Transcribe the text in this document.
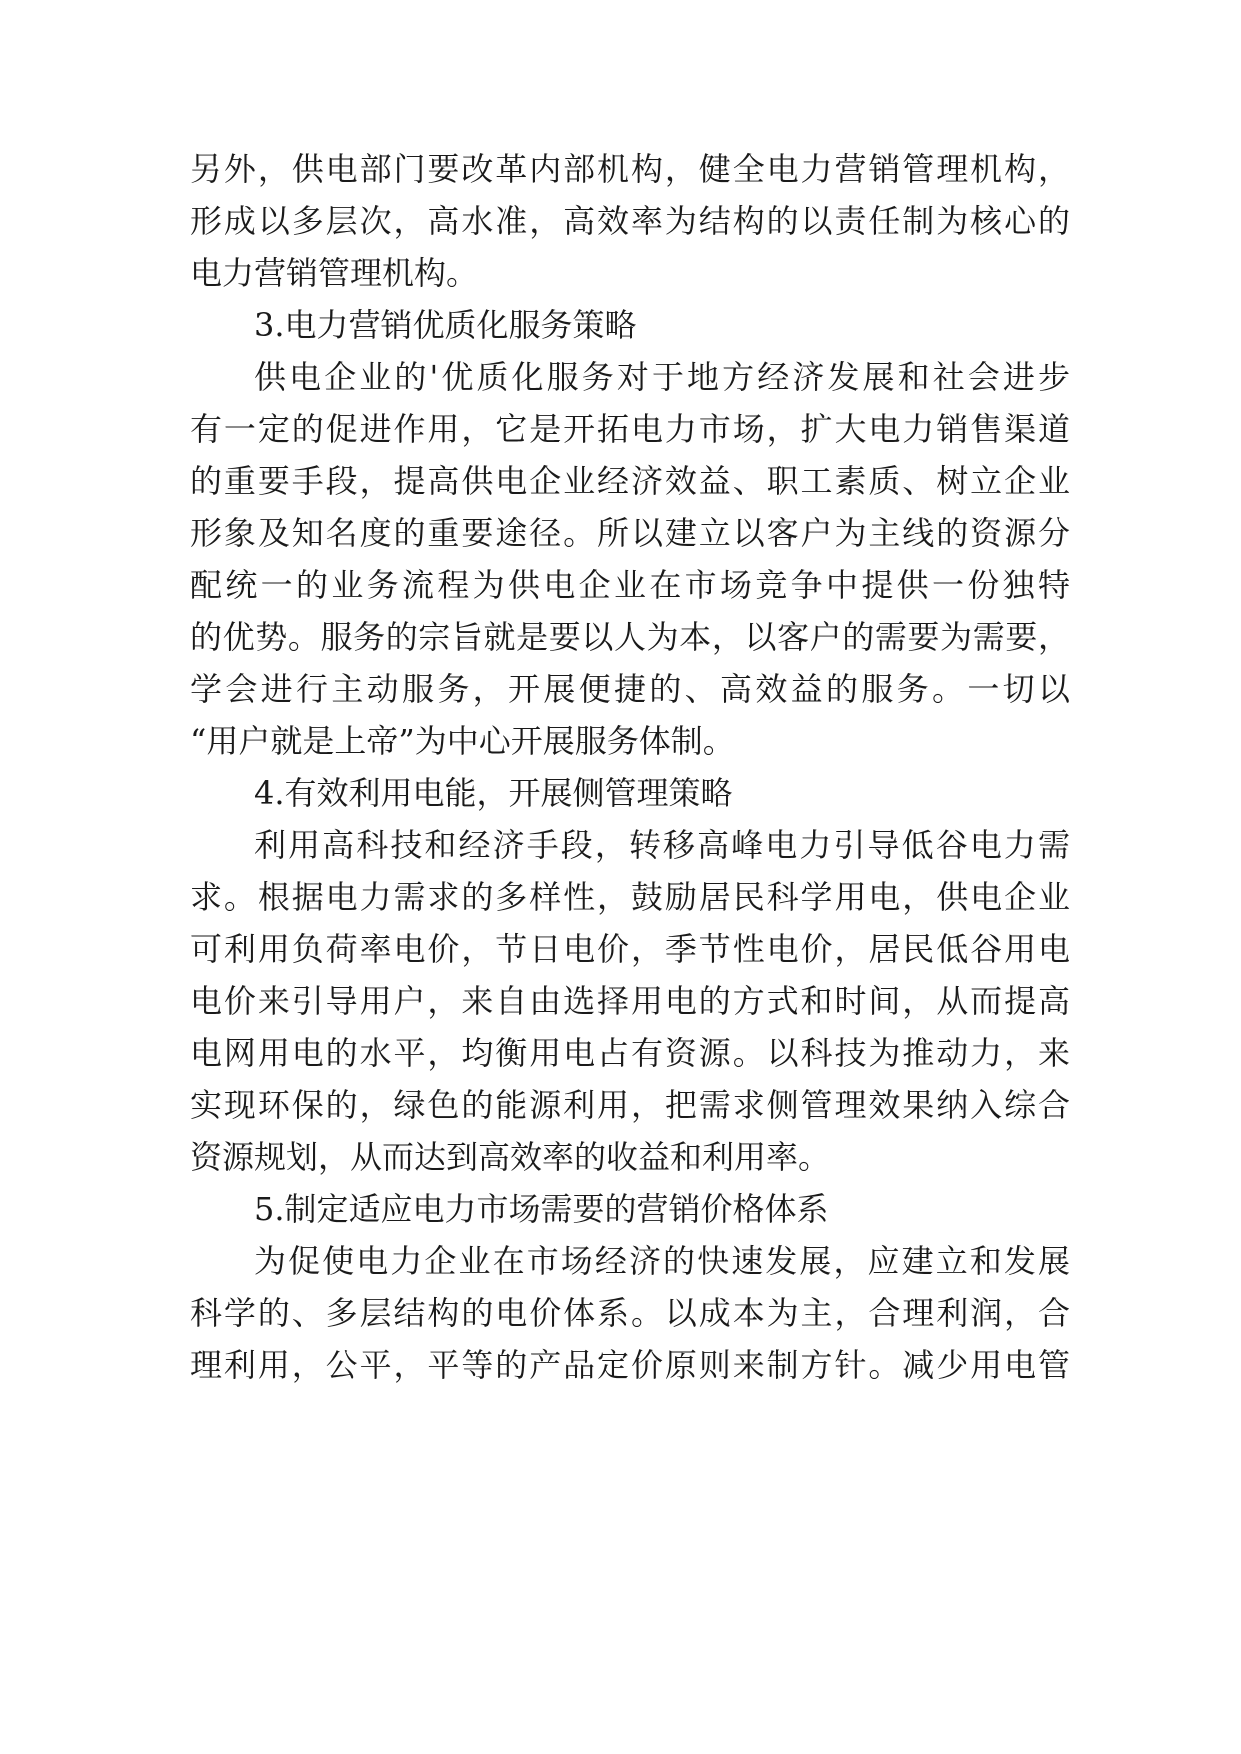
另外，供电部门要改革内部机构，健全电力营销管理机构，
形成以多层次，高水准，高效率为结构的以责任制为核心的
电力营销管理机构。
3.电力营销优质化服务策略
供电企业的'优质化服务对于地方经济发展和社会进步
有一定的促进作用，它是开拓电力市场，扩大电力销售渠道
的重要手段，提高供电企业经济效益、职工素质、树立企业
形象及知名度的重要途径。所以建立以客户为主线的资源分
配统一的业务流程为供电企业在市场竞争中提供一份独特
的优势。服务的宗旨就是要以人为本，以客户的需要为需要，
学会进行主动服务，开展便捷的、高效益的服务。一切以
“用户就是上帝”为中心开展服务体制。
4.有效利用电能，开展侧管理策略
利用高科技和经济手段，转移高峰电力引导低谷电力需
求。根据电力需求的多样性，鼓励居民科学用电，供电企业
可利用负荷率电价，节日电价，季节性电价，居民低谷用电
电价来引导用户，来自由选择用电的方式和时间，从而提高
电网用电的水平，均衡用电占有资源。以科技为推动力，来
实现环保的，绿色的能源利用，把需求侧管理效果纳入综合
资源规划，从而达到高效率的收益和利用率。
5.制定适应电力市场需要的营销价格体系
为促使电力企业在市场经济的快速发展，应建立和发展
科学的、多层结构的电价体系。以成本为主，合理利润，合
理利用，公平，平等的产品定价原则来制方针。减少用电管
